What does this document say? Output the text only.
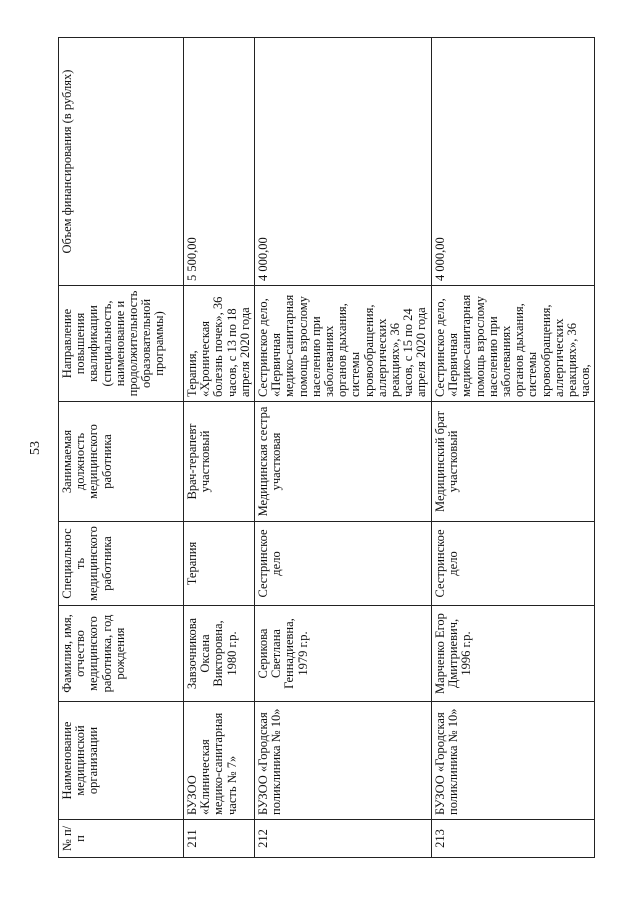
53
№ п/п	Наименование медицинской организации	Фамилия, имя, отчество медицинского работника, год рождения	Специальность медицинского работника	Занимаемая должность медицинского работника	Направление повышения квалификации (специальность, наименование и продолжительность образовательной программы)	Объем финансирования (в рублях)
211	БУЗОО «Клиническая медико-санитарная часть № 7»	Завзочникова Оксана Викторовна, 1980 г.р.	Терапия	Врач-терапевт участковый	Терапия, «Хроническая болезнь почек», 36 часов, с 13 по 18 апреля 2020 года	5 500,00
212	БУЗОО «Городская поликлиника № 10»	Серикова Светлана Геннадиевна, 1979 г.р.	Сестринское дело	Медицинская сестра участковая	Сестринское дело, «Первичная медико-санитарная помощь взрослому населению при заболеваниях органов дыхания, системы кровообращения, аллергических реакциях», 36 часов, с 15 по 24 апреля 2020 года	4 000,00
213	БУЗОО «Городская поликлиника № 10»	Марченко Егор Дмитриевич, 1996 г.р.	Сестринское дело	Медицинский брат участковый	Сестринское дело, «Первичная медико-санитарная помощь взрослому населению при заболеваниях органов дыхания, системы кровообращения, аллергических реакциях», 36 часов,	4 000,00
